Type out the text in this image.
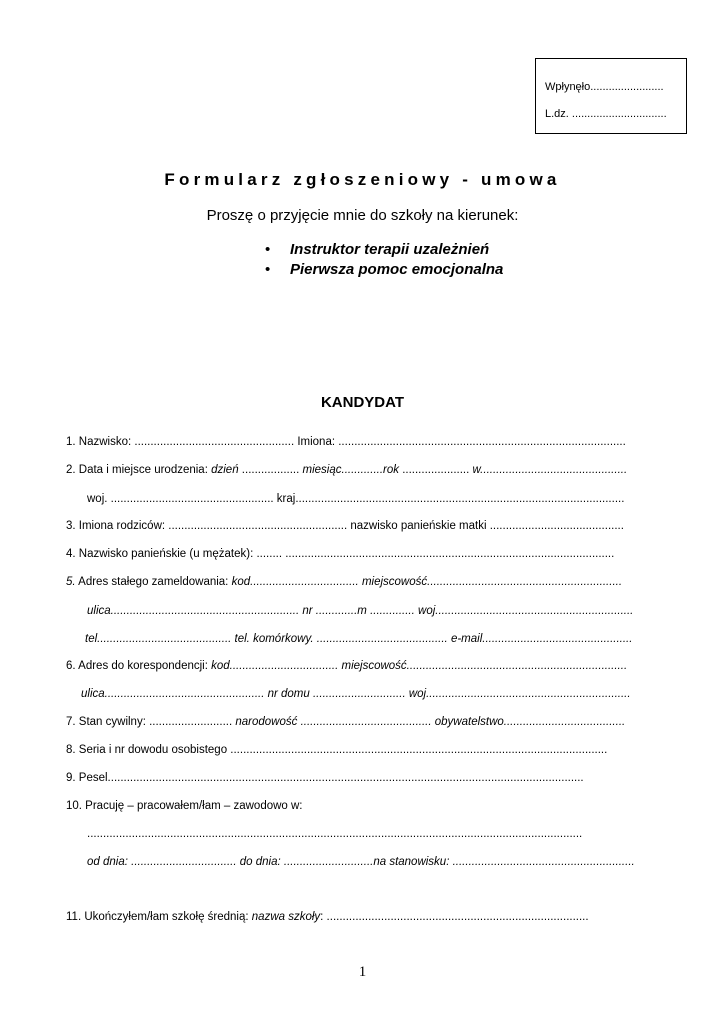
Wpłynęło........................
L.dz. ...............................
Formularz zgłoszeniowy - umowa
Proszę o przyjęcie mnie do szkoły na kierunek:
• Instruktor terapii uzależnień
• Pierwsza pomoc emocjonalna
KANDYDAT
1. Nazwisko: .................................................. Imiona: ..........................................................................................
2. Data i miejsce urodzenia: dzień .................. miesiąc.............rok ..................... w..............................................
woj. ................................................... kraj.......................................................................................................
3. Imiona rodziców: ........................................................ nazwisko panieńskie matki ..........................................
4. Nazwisko panieńskie (u mężatek): ........ .......................................................................................................
5. Adres stałego zameldowania: kod.................................. miejscowość.............................................................
ulica........................................................... nr .............m .............. woj..............................................................
tel.......................................... tel. komórkowy. ......................................... e-mail...............................................
6. Adres do korespondencji: kod.................................. miejscowość.....................................................................
ulica.................................................. nr domu ............................. woj................................................................
7. Stan cywilny: .......................... narodowość ......................................... obywatelstwo......................................
8. Seria i nr dowodu osobistego ......................................................................................................................
9. Pesel.....................................................................................................................................................
10. Pracuję – pracowałem/łam – zawodowo w:
...........................................................................................................................................................
od dnia: ................................. do dnia: ............................na stanowisku: .........................................................
11. Ukończyłem/łam szkołę średnią: nazwa szkoły: ..................................................................................
1
